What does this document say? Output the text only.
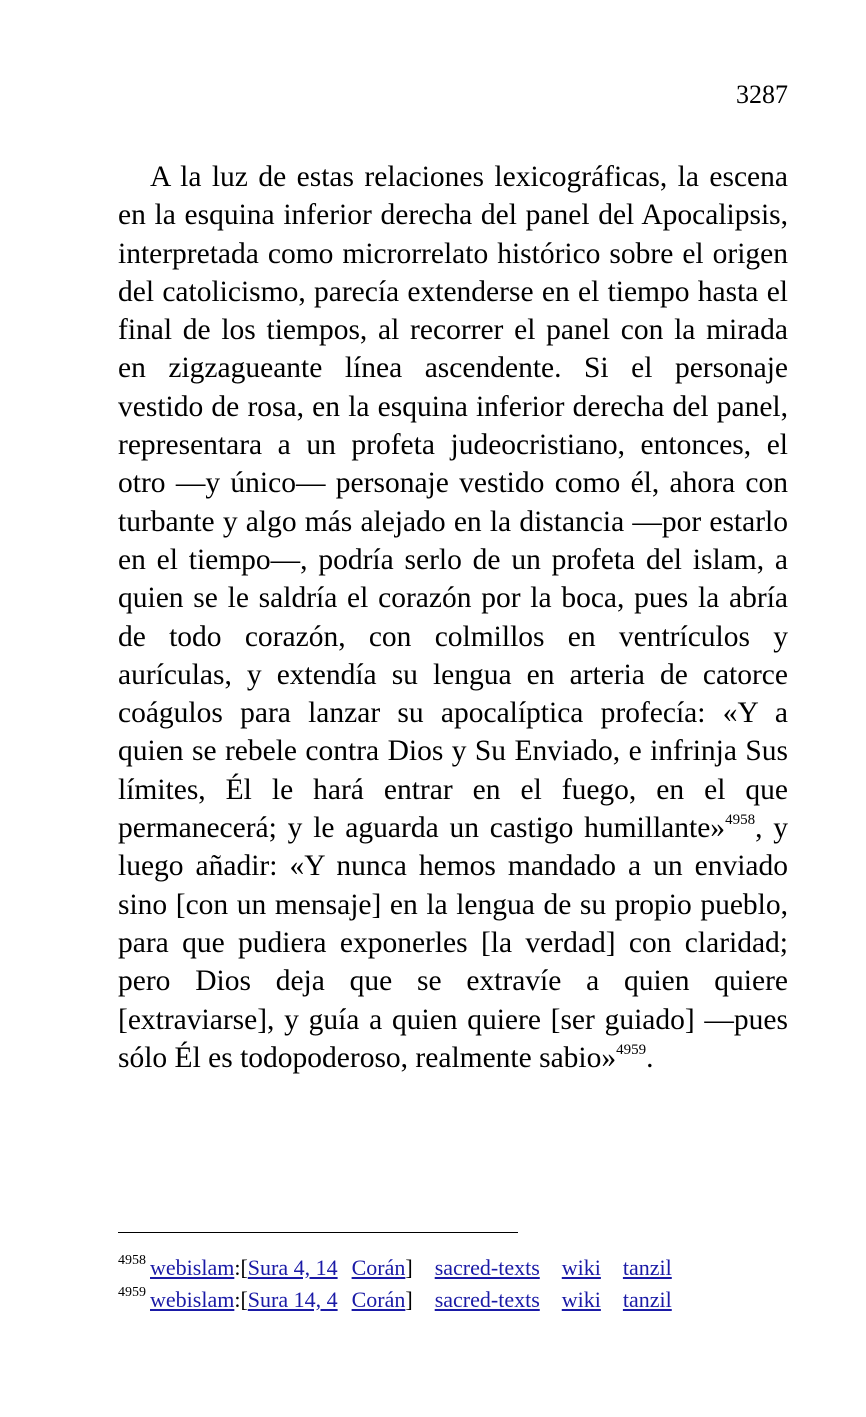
3287

A la luz de estas relaciones lexicográficas, la escena en la esquina inferior derecha del panel del Apocalipsis, interpretada como microrrelato histórico sobre el origen del catolicismo, parecía extenderse en el tiempo hasta el final de los tiempos, al recorrer el panel con la mirada en zigzagueante línea ascendente. Si el personaje vestido de rosa, en la esquina inferior derecha del panel, representara a un profeta judeocristiano, entonces, el otro —y único— personaje vestido como él, ahora con turbante y algo más alejado en la distancia —por estarlo en el tiempo—, podría serlo de un profeta del islam, a quien se le saldría el corazón por la boca, pues la abría de todo corazón, con colmillos en ventrículos y aurículas, y extendía su lengua en arteria de catorce coágulos para lanzar su apocalíptica profecía: «Y a quien se rebele contra Dios y Su Enviado, e infrinja Sus límites, Él le hará entrar en el fuego, en el que permanecerá; y le aguarda un castigo humillante»$^{4958}$, y luego añadir: «Y nunca hemos mandado a un enviado sino [con un mensaje] en la lengua de su propio pueblo, para que pudiera exponerles [la verdad] con claridad; pero Dios deja que se extravíe a quien quiere [extraviarse], y guía a quien quiere [ser guiado] —pues sólo Él es todopoderoso, realmente sabio»$^{4959}$.

$^{4958}$ webislam:[Sura 4, 14 Corán] sacred-texts wiki tanzil
$^{4959}$ webislam:[Sura 14, 4 Corán] sacred-texts wiki tanzil
